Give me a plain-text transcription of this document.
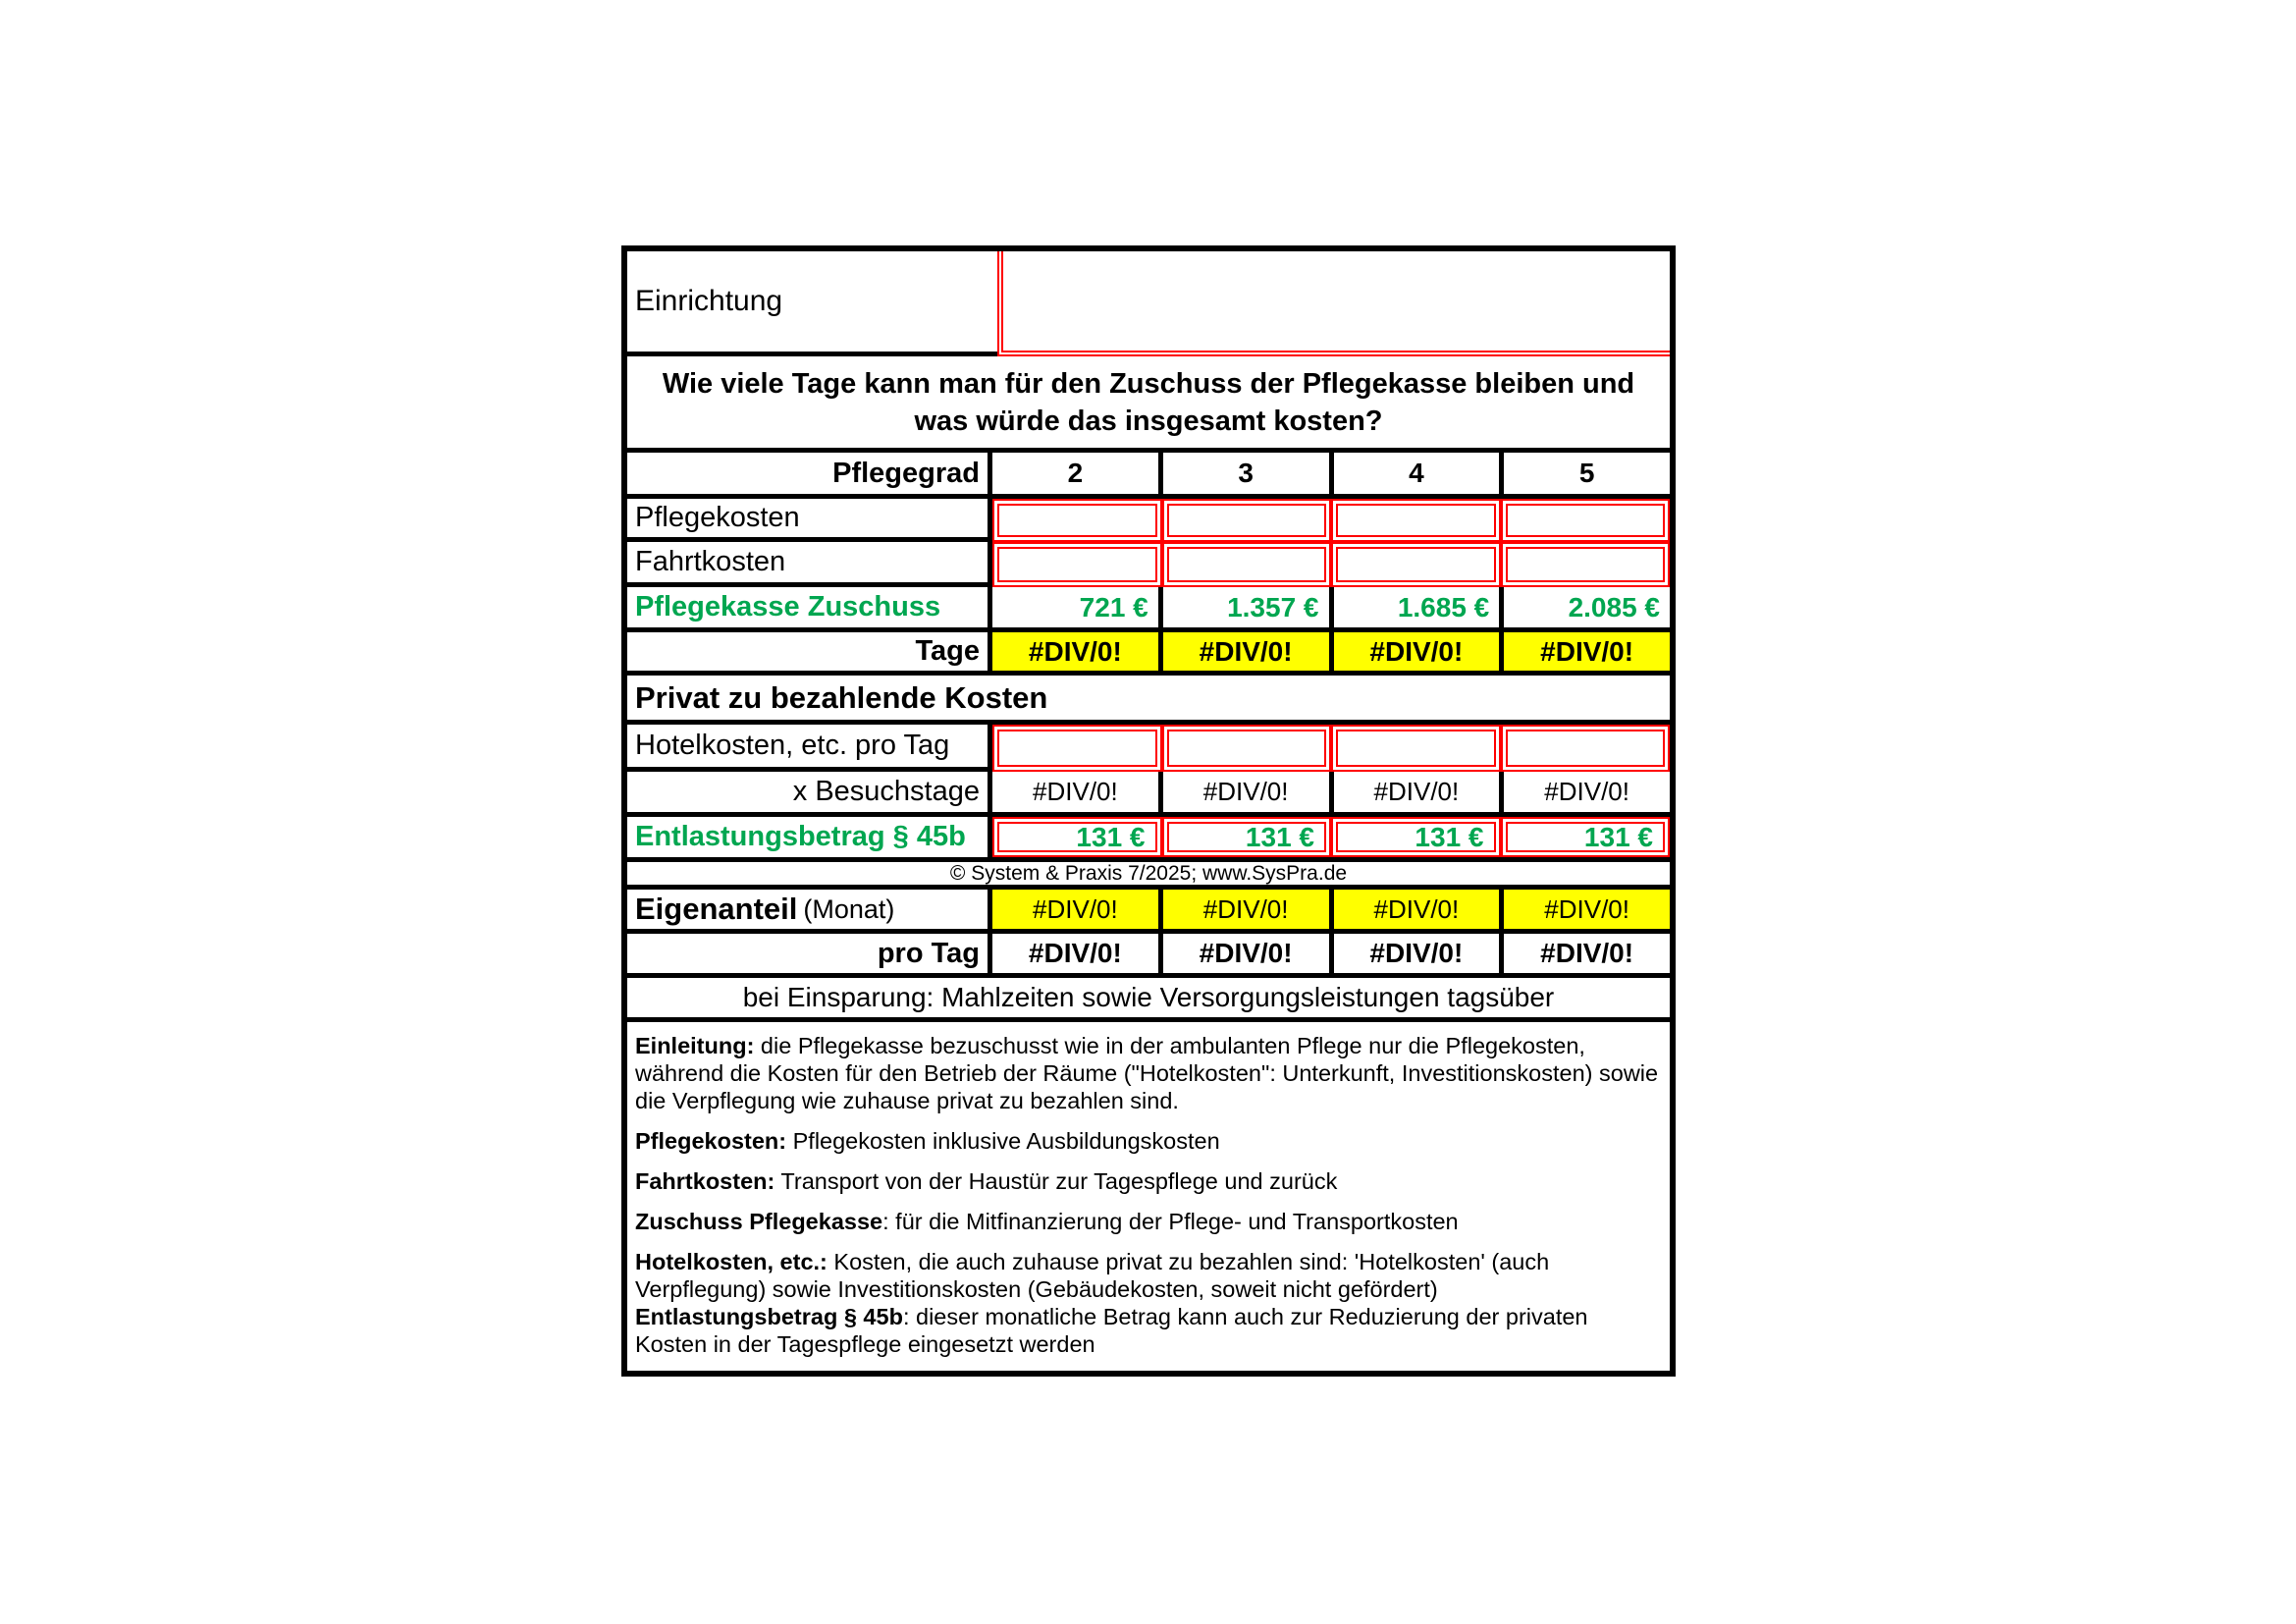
Einrichtung
Wie viele Tage kann man für den Zuschuss der Pflegekasse bleiben und was würde das insgesamt kosten?
Pflegegrad	2	3	4	5
Pflegekosten
Fahrtkosten
Pflegekasse Zuschuss	721 €	1.357 €	1.685 €	2.085 €
Tage	#DIV/0!	#DIV/0!	#DIV/0!	#DIV/0!
Privat zu bezahlende Kosten
Hotelkosten, etc. pro Tag
x Besuchstage	#DIV/0!	#DIV/0!	#DIV/0!	#DIV/0!
Entlastungsbetrag § 45b	131 €	131 €	131 €	131 €
© System & Praxis 7/2025; www.SysPra.de
Eigenanteil (Monat)	#DIV/0!	#DIV/0!	#DIV/0!	#DIV/0!
pro Tag	#DIV/0!	#DIV/0!	#DIV/0!	#DIV/0!
bei Einsparung: Mahlzeiten sowie Versorgungsleistungen tagsüber

Einleitung: die Pflegekasse bezuschusst wie in der ambulanten Pflege nur die Pflegekosten, während die Kosten für den Betrieb der Räume ("Hotelkosten": Unterkunft, Investitionskosten) sowie die Verpflegung wie zuhause privat zu bezahlen sind.

Pflegekosten: Pflegekosten inklusive Ausbildungskosten

Fahrtkosten: Transport von der Haustür zur Tagespflege und zurück

Zuschuss Pflegekasse: für die Mitfinanzierung der Pflege- und Transportkosten

Hotelkosten, etc.: Kosten, die auch zuhause privat zu bezahlen sind: 'Hotelkosten' (auch Verpflegung) sowie Investitionskosten (Gebäudekosten, soweit nicht gefördert)

Entlastungsbetrag § 45b: dieser monatliche Betrag kann auch zur Reduzierung der privaten Kosten in der Tagespflege eingesetzt werden
